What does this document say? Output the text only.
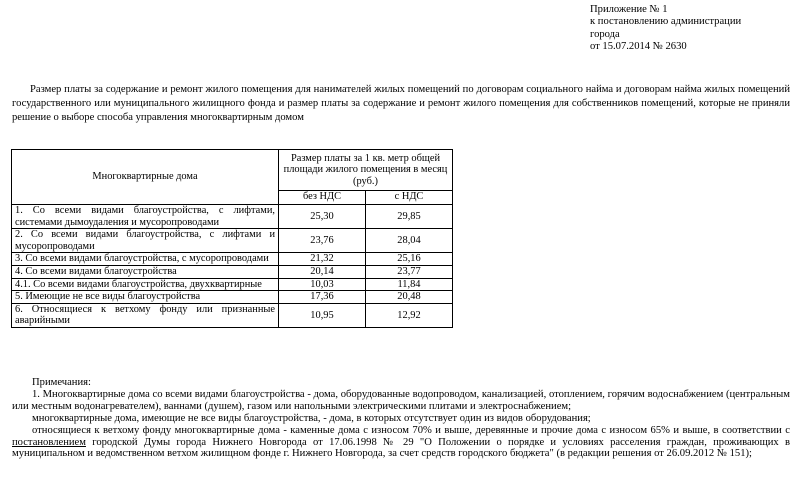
Приложение № 1
к постановлению администрации
города
от 15.07.2014 № 2630
Размер платы за содержание и ремонт жилого помещения для нанимателей жилых помещений по договорам социального найма и договорам найма жилых помещений государственного или муниципального жилищного фонда и размер платы за содержание и ремонт жилого помещения для собственников помещений, которые не приняли решение о выборе способа управления многоквартирным домом
Многоквартирные дома	Размер платы за 1 кв. метр общей площади жилого помещения в месяц (руб.)	
	без НДС	с НДС
1. Со всеми видами благоустройства, с лифтами, системами дымоудаления и мусоропроводами	25,30	29,85
2. Со всеми видами благоустройства, с лифтами и мусоропроводами	23,76	28,04
3. Со всеми видами благоустройства, с мусоропроводами	21,32	25,16
4. Со всеми видами благоустройства	20,14	23,77
4.1. Со всеми видами благоустройства, двухквартирные	10,03	11,84
5. Имеющие не все виды благоустройства	17,36	20,48
6. Относящиеся к ветхому фонду или признанные аварийными	10,95	12,92

Примечания:

1. Многоквартирные дома со всеми видами благоустройства - дома, оборудованные водопроводом, канализацией, отоплением, горячим водоснабжением (центральным или местным водонагревателем), ваннами (душем), газом или напольными электрическими плитами и электроснабжением;

многоквартирные дома, имеющие не все виды благоустройства, - дома, в которых отсутствует один из видов оборудования;

относящиеся к ветхому фонду многоквартирные дома - каменные дома с износом 70% и выше, деревянные и прочие дома с износом 65% и выше, в соответствии с постановлением городской Думы города Нижнего Новгорода от 17.06.1998 № 29 "О Положении о порядке и условиях расселения граждан, проживающих в муниципальном и ведомственном ветхом жилищном фонде г. Нижнего Новгорода, за счет средств городского бюджета" (в редакции решения от 26.09.2012 № 151);
